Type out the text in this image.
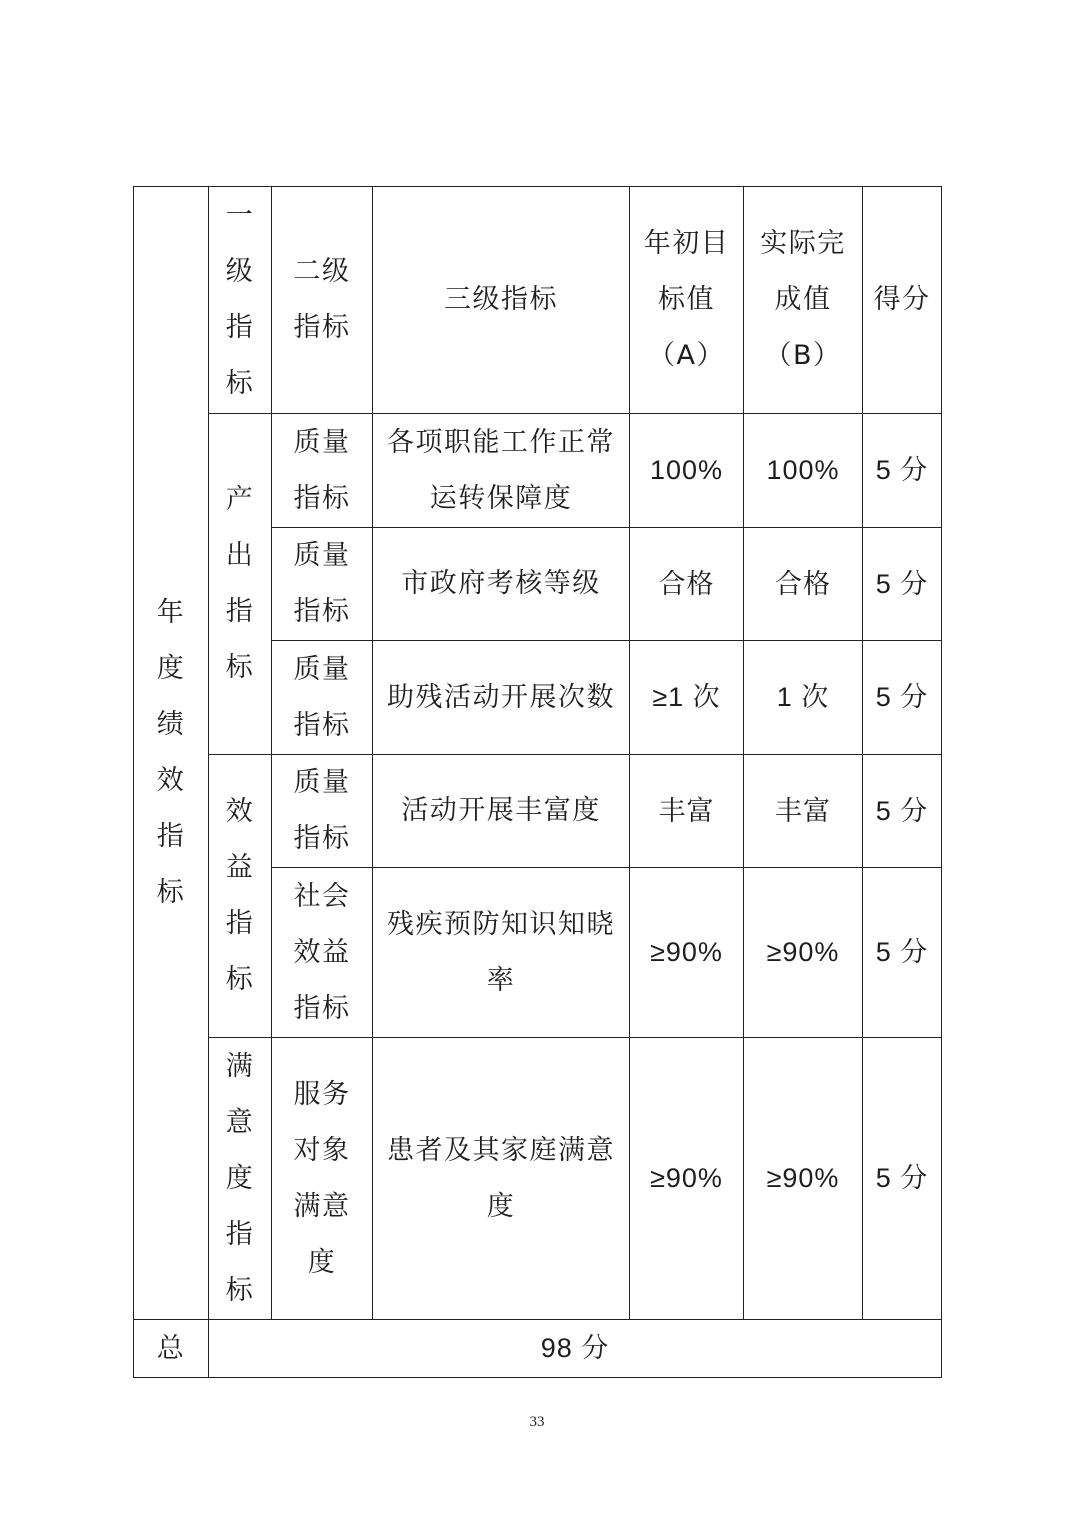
年度绩效指标	一级指标	二级指标	三级指标	年初目标值（A）	实际完成值（B）	得分
	产出指标	质量指标	各项职能工作正常运转保障度	100%	100%	5 分
		质量指标	市政府考核等级	合格	合格	5 分
		质量指标	助残活动开展次数	≥1 次	1 次	5 分
	效益指标	质量指标	活动开展丰富度	丰富	丰富	5 分
		社会效益指标	残疾预防知识知晓率	≥90%	≥90%	5 分
	满意度指标	服务对象满意度	患者及其家庭满意度	≥90%	≥90%	5 分
总	98 分					
33
